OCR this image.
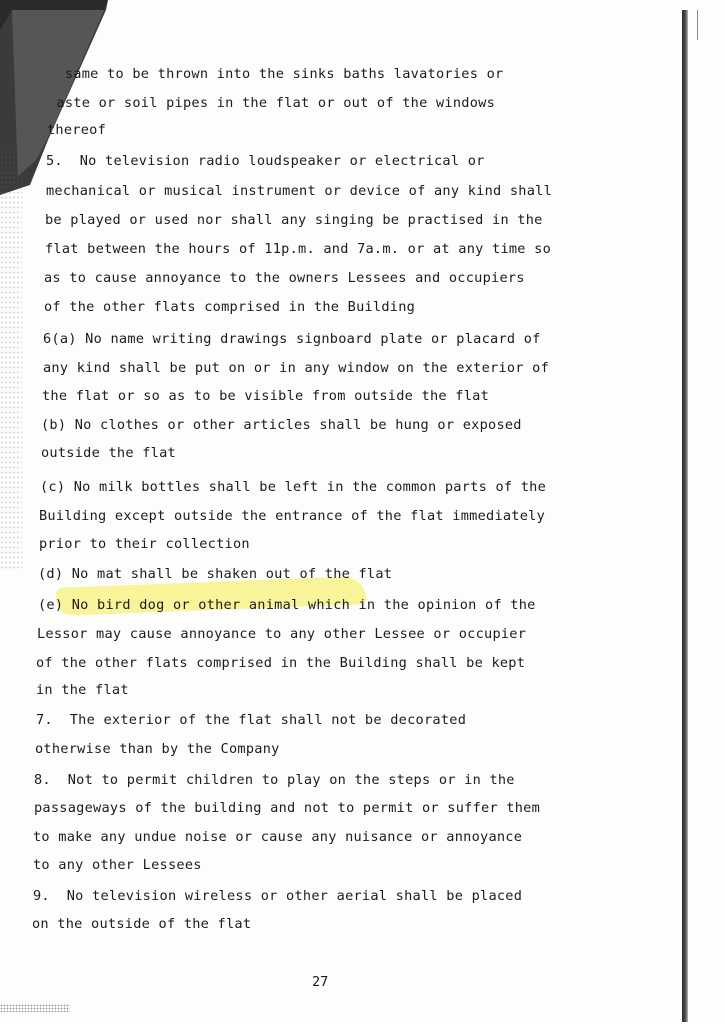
same to be thrown into the sinks baths lavatories or
aste or soil pipes in the flat or out of the windows
thereof
5.  No television radio loudspeaker or electrical or
mechanical or musical instrument or device of any kind shall
be played or used nor shall any singing be practised in the
flat between the hours of 11p.m. and 7a.m. or at any time so
as to cause annoyance to the owners Lessees and occupiers
of the other flats comprised in the Building
6(a) No name writing drawings signboard plate or placard of
any kind shall be put on or in any window on the exterior of
the flat or so as to be visible from outside the flat
(b) No clothes or other articles shall be hung or exposed
outside the flat
(c) No milk bottles shall be left in the common parts of the
Building except outside the entrance of the flat immediately
prior to their collection
(d) No mat shall be shaken out of the flat
(e) No bird dog or other animal which in the opinion of the
Lessor may cause annoyance to any other Lessee or occupier
of the other flats comprised in the Building shall be kept
in the flat
7.  The exterior of the flat shall not be decorated
otherwise than by the Company
8.  Not to permit children to play on the steps or in the
passageways of the building and not to permit or suffer them
to make any undue noise or cause any nuisance or annoyance
to any other Lessees
9.  No television wireless or other aerial shall be placed
on the outside of the flat
27
